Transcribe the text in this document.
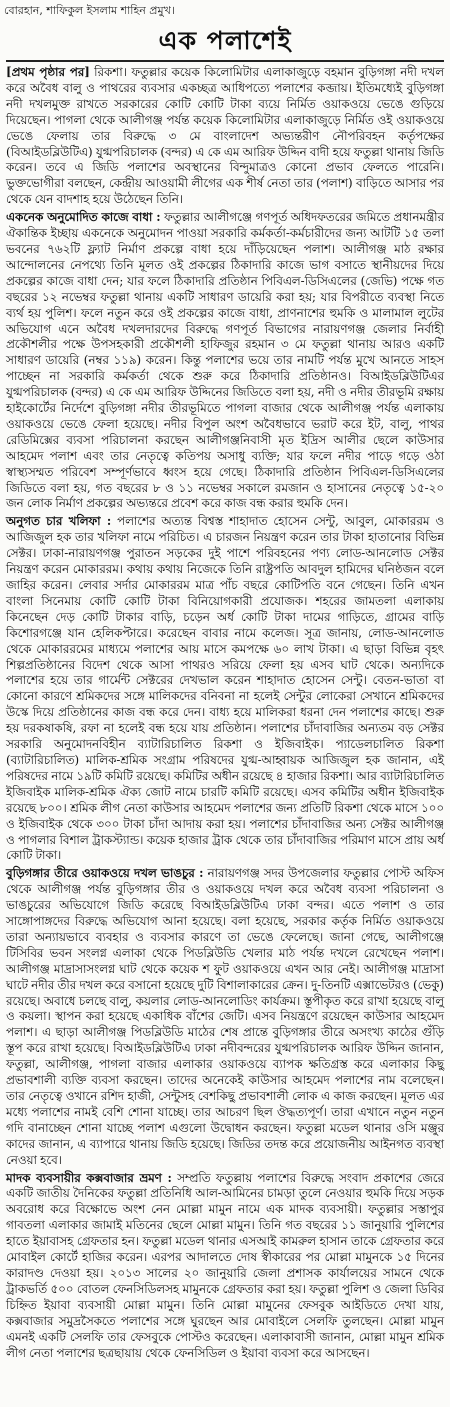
বোরহান, শাফিকুল ইসলাম শাহিন প্রমুখ।
এক পলাশেই

[প্রথম পৃষ্ঠার পর] রিকশা। ফতুল্লার কয়েক কিলোমিটার এলাকাজুড়ে বহমান বুড়িগঙ্গা নদী দখল করে অবৈধ বালু ও পাথরের ব্যবসার একচ্ছত্র আধিপত্যে পলাশের কব্জায়। ইতিমধ্যেই বুড়িগঙ্গা নদী দখলমুক্ত রাখতে সরকারের কোটি কোটি টাকা ব্যয়ে নির্মিত ওয়াকওয়ে ভেঙে গুড়িয়ে দিয়েছেন। পাগলা থেকে আলীগঞ্জ পর্যন্ত কয়েক কিলোমিটার এলাকাজুড়ে নির্মিত ওই ওয়াকওয়ে ভেঙে ফেলায় তার বিরুদ্ধে ৩ মে বাংলাদেশ অভ্যন্তরীণ নৌপরিবহন কর্তৃপক্ষের (বিআইডব্লিউটিএ) যুগ্মপরিচালক (বন্দর) এ কে এম আরিফ উদ্দিন বাদী হয়ে ফতুল্লা থানায় জিডি করেন। তবে এ জিডি পলাশের অবস্থানের বিন্দুমাত্রও কোনো প্রভাব ফেলতে পারেনি। ভুক্তভোগীরা বলছেন, কেন্দ্রীয় আওয়ামী লীগের এক শীর্ষ নেতা তার (পলাশ) বাড়িতে আসার পর থেকে যেন বাদশাহ হয়ে উঠেছেন তিনি।

একনেক অনুমোদিত কাজে বাধা : ফতুল্লার আলীগঞ্জে গণপূর্ত অধিদফতরের জমিতে প্রধানমন্ত্রীর ঐকান্তিক ইচ্ছায় একনেকে অনুমোদন পাওয়া সরকারি কর্মকর্তা-কর্মচারীদের জন্য আটটি ১৫ তলা ভবনের ৭৬২টি ফ্ল্যাট নির্মাণ প্রকল্পে বাধা হয়ে দাঁড়িয়েছেন পলাশ। আলীগঞ্জ মাঠ রক্ষার আন্দোলনের নেপথ্যে তিনি মূলত ওই প্রকল্পের ঠিকাদারি কাজে ভাগ বসাতে স্থানীয়দের দিয়ে প্রকল্পের কাজে বাধা দেন; যার ফলে ঠিকাদারি প্রতিষ্ঠান পিবিএল-ডিসিএলের (জেভি) পক্ষে গত বছরের ১২ নভেম্বর ফতুল্লা থানায় একটি সাধারণ ডায়েরি করা হয়; যার বিপরীতে ব্যবস্থা নিতে ব্যর্থ হয় পুলিশ। ফলে নতুন করে ওই প্রকল্পের কাজে বাধা, প্রাণনাশের হুমকি ও মালামাল লুটের অভিযোগ এনে অবৈধ দখলদারদের বিরুদ্ধে গণপূর্ত বিভাগের নারায়ণগঞ্জ জেলার নির্বাহী প্রকৌশলীর পক্ষে উপসহকারী প্রকৌশলী হাফিজুর রহমান ৩ মে ফতুল্লা থানায় আরও একটি সাধারণ ডায়েরি (নম্বর ১১৯) করেন। কিন্তু পলাশের ভয়ে তার নামটি পর্যন্ত মুখে আনতে সাহস পাচ্ছেন না সরকারি কর্মকর্তা থেকে শুরু করে ঠিকাদারি প্রতিষ্ঠানও। বিআইডব্লিউটিএর যুগ্মপরিচালক (বন্দর) এ কে এম আরিফ উদ্দিনের জিডিতে বলা হয়, নদী ও নদীর তীরভূমি রক্ষায় হাইকোর্টের নির্দেশে বুড়িগঙ্গা নদীর তীরভূমিতে পাগলা বাজার থেকে আলীগঞ্জ পর্যন্ত এলাকায় ওয়াকওয়ে ভেঙে ফেলা হয়েছে। নদীর বিপুল অংশ অবৈধভাবে ভরাট করে ইট, বালু, পাথর রেডিমিক্সের ব্যবসা পরিচালনা করছেন আলীগঞ্জনিবাসী মৃত ইদ্রিস আলীর ছেলে কাউসার আহমেদ পলাশ এবং তার নেতৃত্বে কতিপয় অসাধু ব্যক্তি; যার ফলে নদীর পাড়ে গড়ে ওঠা স্বাস্থ্যসম্মত পরিবেশ সম্পূর্ণভাবে ধ্বংস হয়ে গেছে। ঠিকাদারি প্রতিষ্ঠান পিবিএল-ডিসিএলের জিডিতে বলা হয়, গত বছরের ৮ ও ১১ নভেম্বর সকালে রমজান ও হাসানের নেতৃত্বে ১৫-২০ জন লোক নির্মাণ প্রকল্পের অভ্যন্তরে প্রবেশ করে কাজ বন্ধ করার হুমকি দেন।

অনুগত চার খলিফা : পলাশের অত্যন্ত বিশ্বস্ত শাহাদাত হোসেন সেন্টু, আবুল, মোকাররম ও আজিজুল হক তার খলিফা নামে পরিচিত। এ চারজন নিয়ন্ত্রণ করেন তার টাকা হাতানোর বিভিন্ন সেক্টর। ঢাকা-নারায়ণগঞ্জ পুরাতন সড়কের দুই পাশে পরিবহনের পণ্য লোড-আনলোড সেক্টর নিয়ন্ত্রণ করেন মোকাররম। কথায় কথায় নিজেকে তিনি রাষ্ট্রপতি আবদুল হামিদের ঘনিষ্ঠজন বলে জাহির করেন। লেবার সর্দার মোকাররম মাত্র পাঁচ বছরে কোটিপতি বনে গেছেন। তিনি এখন বাংলা সিনেমায় কোটি কোটি টাকা বিনিয়োগকারী প্রযোজক। শহরের জামতলা এলাকায় কিনেছেন দেড় কোটি টাকার বাড়ি, চড়েন অর্ধ কোটি টাকা দামের গাড়িতে, গ্রামের বাড়ি কিশোরগঞ্জে যান হেলিকপ্টারে। করেছেন বাবার নামে কলেজ। সূত্র জানায়, লোড-আনলোড থেকে মোকাররমের মাধ্যমে পলাশের আয় মাসে কমপক্ষে ৬০ লাখ টাকা। এ ছাড়া বিভিন্ন বৃহৎ শিল্পপ্রতিষ্ঠানের বিদেশ থেকে আসা পাথরও সরিয়ে ফেলা হয় এসব ঘাট থেকে। অন্যদিকে পলাশের হয়ে তার গার্মেন্ট সেক্টরের দেখভাল করেন শাহাদাত হোসেন সেন্টু। বেতন-ভাতা বা কোনো কারণে শ্রমিকদের সঙ্গে মালিকদের বনিবনা না হলেই সেন্টুর লোকেরা সেখানে শ্রমিকদের উস্কে দিয়ে প্রতিষ্ঠানের কাজ বন্ধ করে দেন। বাধ্য হয়ে মালিকরা ধরনা দেন পলাশের কাছে। শুরু হয় দরকষাকষি, রফা না হলেই বন্ধ হয়ে যায় প্রতিষ্ঠান। পলাশের চাঁদাবাজির অন্যতম বড় সেক্টর সরকারি অনুমোদনবিহীন ব্যাটারিচালিত রিকশা ও ইজিবাইক। প্যাডেলচালিত রিকশা (ব্যাটারিচালিত) মালিক-শ্রমিক সংগ্রাম পরিষদের যুগ্ম-আহ্বায়ক আজিজুল হক জানান, এই পরিষদের নামে ১৯টি কমিটি রয়েছে। কমিটির অধীন রয়েছে ৪ হাজার রিকশা। আর ব্যাটারিচালিত ইজিবাইক মালিক-শ্রমিক ঐক্য জোট নামে চারটি কমিটি রয়েছে। এসব কমিটির অধীন ইজিবাইক রয়েছে ৮০০। শ্রমিক লীগ নেতা কাউসার আহমেদ পলাশের জন্য প্রতিটি রিকশা থেকে মাসে ১০০ ও ইজিবাইক থেকে ৩০০ টাকা চাঁদা আদায় করা হয়। পলাশের চাঁদাবাজির অন্য সেক্টর আলীগঞ্জ ও পাগলার বিশাল ট্রাকস্ট্যান্ড। কয়েক হাজার ট্রাক থেকে তার চাঁদাবাজির পরিমাণ মাসে প্রায় অর্ধ কোটি টাকা।

বুড়িগঙ্গার তীরে ওয়াকওয়ে দখল ভাঙচুর : নারায়ণগঞ্জ সদর উপজেলার ফতুল্লার পোস্ট অফিস থেকে আলীগঞ্জ পর্যন্ত বুড়িগঙ্গার তীর ও ওয়াকওয়ে দখল করে অবৈধ ব্যবসা পরিচালনা ও ভাঙচুরের অভিযোগে জিডি করেছে বিআইডব্লিউটিএ ঢাকা বন্দর। এতে পলাশ ও তার সাঙ্গোপাঙ্গদের বিরুদ্ধে অভিযোগ আনা হয়েছে। বলা হয়েছে, সরকার কর্তৃক নির্মিত ওয়াকওয়ে তারা অন্যায়ভাবে ব্যবহার ও ব্যবসার কারণে তা ভেঙে ফেলেছে। জানা গেছে, আলীগঞ্জে টিসিবির ভবন সংলগ্ন এলাকা থেকে পিডব্লিউডি খেলার মাঠ পর্যন্ত দখলে রেখেছেন পলাশ। আলীগঞ্জ মাদ্রাসাসংলগ্ন ঘাট থেকে কয়েক শ ফুট ওয়াকওয়ে এখন আর নেই। আলীগঞ্জ মাদ্রাসা ঘাটে নদীর তীর দখল করে বসানো হয়েছে দুটি বিশালাকারের ক্রেন। দু-তিনটি এক্সাভেটরও (ভেকু) রয়েছে। অবাধে চলছে বালু, কয়লার লোড-আনলোডিং কার্যক্রম। স্তূপীকৃত করে রাখা হয়েছে বালু ও কয়লা। স্থাপন করা হয়েছে একাধিক বাঁশের জেটি। এসব নিয়ন্ত্রণে রয়েছেন কাউসার আহমেদ পলাশ। এ ছাড়া আলীগঞ্জ পিডব্লিউডি মাঠের শেষ প্রান্তে বুড়িগঙ্গার তীরে অসংখ্য কাঠের গুঁড়ি স্তূপ করে রাখা হয়েছে। বিআইডব্লিউটিএ ঢাকা নদীবন্দরের যুগ্মপরিচালক আরিফ উদ্দিন জানান, ফতুল্লা, আলীগঞ্জ, পাগলা বাজার এলাকার ওয়াকওয়ে ব্যাপক ক্ষতিগ্রস্ত করে এলাকার কিছু প্রভাবশালী ব্যক্তি ব্যবসা করছেন। তাদের অনেকেই কাউসার আহমেদ পলাশের নাম বলেছেন। তার নেতৃত্বে ওখানে রশিদ হাজী, সেন্টুসহ বেশকিছু প্রভাবশালী লোক এ কাজ করছেন। মূলত এর মধ্যে পলাশের নামই বেশি শোনা যাচ্ছে। তার আচরণ ছিল ঔদ্ধত্যপূর্ণ। তারা এখানে নতুন নতুন গদি বানাচ্ছেন শোনা যাচ্ছে পলাশ এগুলো উদ্বোধন করছেন। ফতুল্লা মডেল থানার ওসি মঞ্জুর কাদের জানান, এ ব্যাপারে থানায় জিডি হয়েছে। জিডির তদন্ত করে প্রয়োজনীয় আইনগত ব্যবস্থা নেওয়া হবে।

মাদক ব্যবসায়ীর কক্সবাজার ভ্রমণ : সম্প্রতি ফতুল্লায় পলাশের বিরুদ্ধে সংবাদ প্রকাশের জেরে একটি জাতীয় দৈনিকের ফতুল্লা প্রতিনিধি আল-আমিনের চামড়া তুলে নেওয়ার হুমকি দিয়ে সড়ক অবরোধ করে বিক্ষোভে অংশ নেন মোল্লা মামুন নামে এক মাদক ব্যবসায়ী। ফতুল্লার সস্তাপুর গাবতলা এলাকার জামাই মতিনের ছেলে মোল্লা মামুন। তিনি গত বছরের ১১ জানুয়ারি পুলিশের হাতে ইয়াবাসহ গ্রেফতার হন। ফতুল্লা মডেল থানার এসআই কামরুল হাসান তাকে গ্রেফতার করে মোবাইল কোর্টে হাজির করেন। এরপর আদালতে দোষ স্বীকারের পর মোল্লা মামুনকে ১৫ দিনের কারাদণ্ড দেওয়া হয়। ২০১৩ সালের ২০ জানুয়ারি জেলা প্রশাসক কার্যালয়ের সামনে থেকে ট্রাকভর্তি ৫০০ বোতল ফেনসিডিলসহ মামুনকে গ্রেফতার করা হয়। ফতুল্লা পুলিশ ও জেলা ডিবির চিহ্নিত ইয়াবা ব্যবসায়ী মোল্লা মামুন। তিনি মোল্লা মামুনের ফেসবুক আইডিতে দেখা যায়, কক্সবাজার সমুদ্রসৈকতে পলাশের সঙ্গে ঘুরছেন আর মোবাইলে সেলফি তুলছেন। মোল্লা মামুন এমনই একটি সেলফি তার ফেসবুকে পোস্টও করেছেন। এলাকাবাসী জানান, মোল্লা মামুন শ্রমিক লীগ নেতা পলাশের ছত্রছায়ায় থেকে ফেনসিডিল ও ইয়াবা ব্যবসা করে আসছেন।
